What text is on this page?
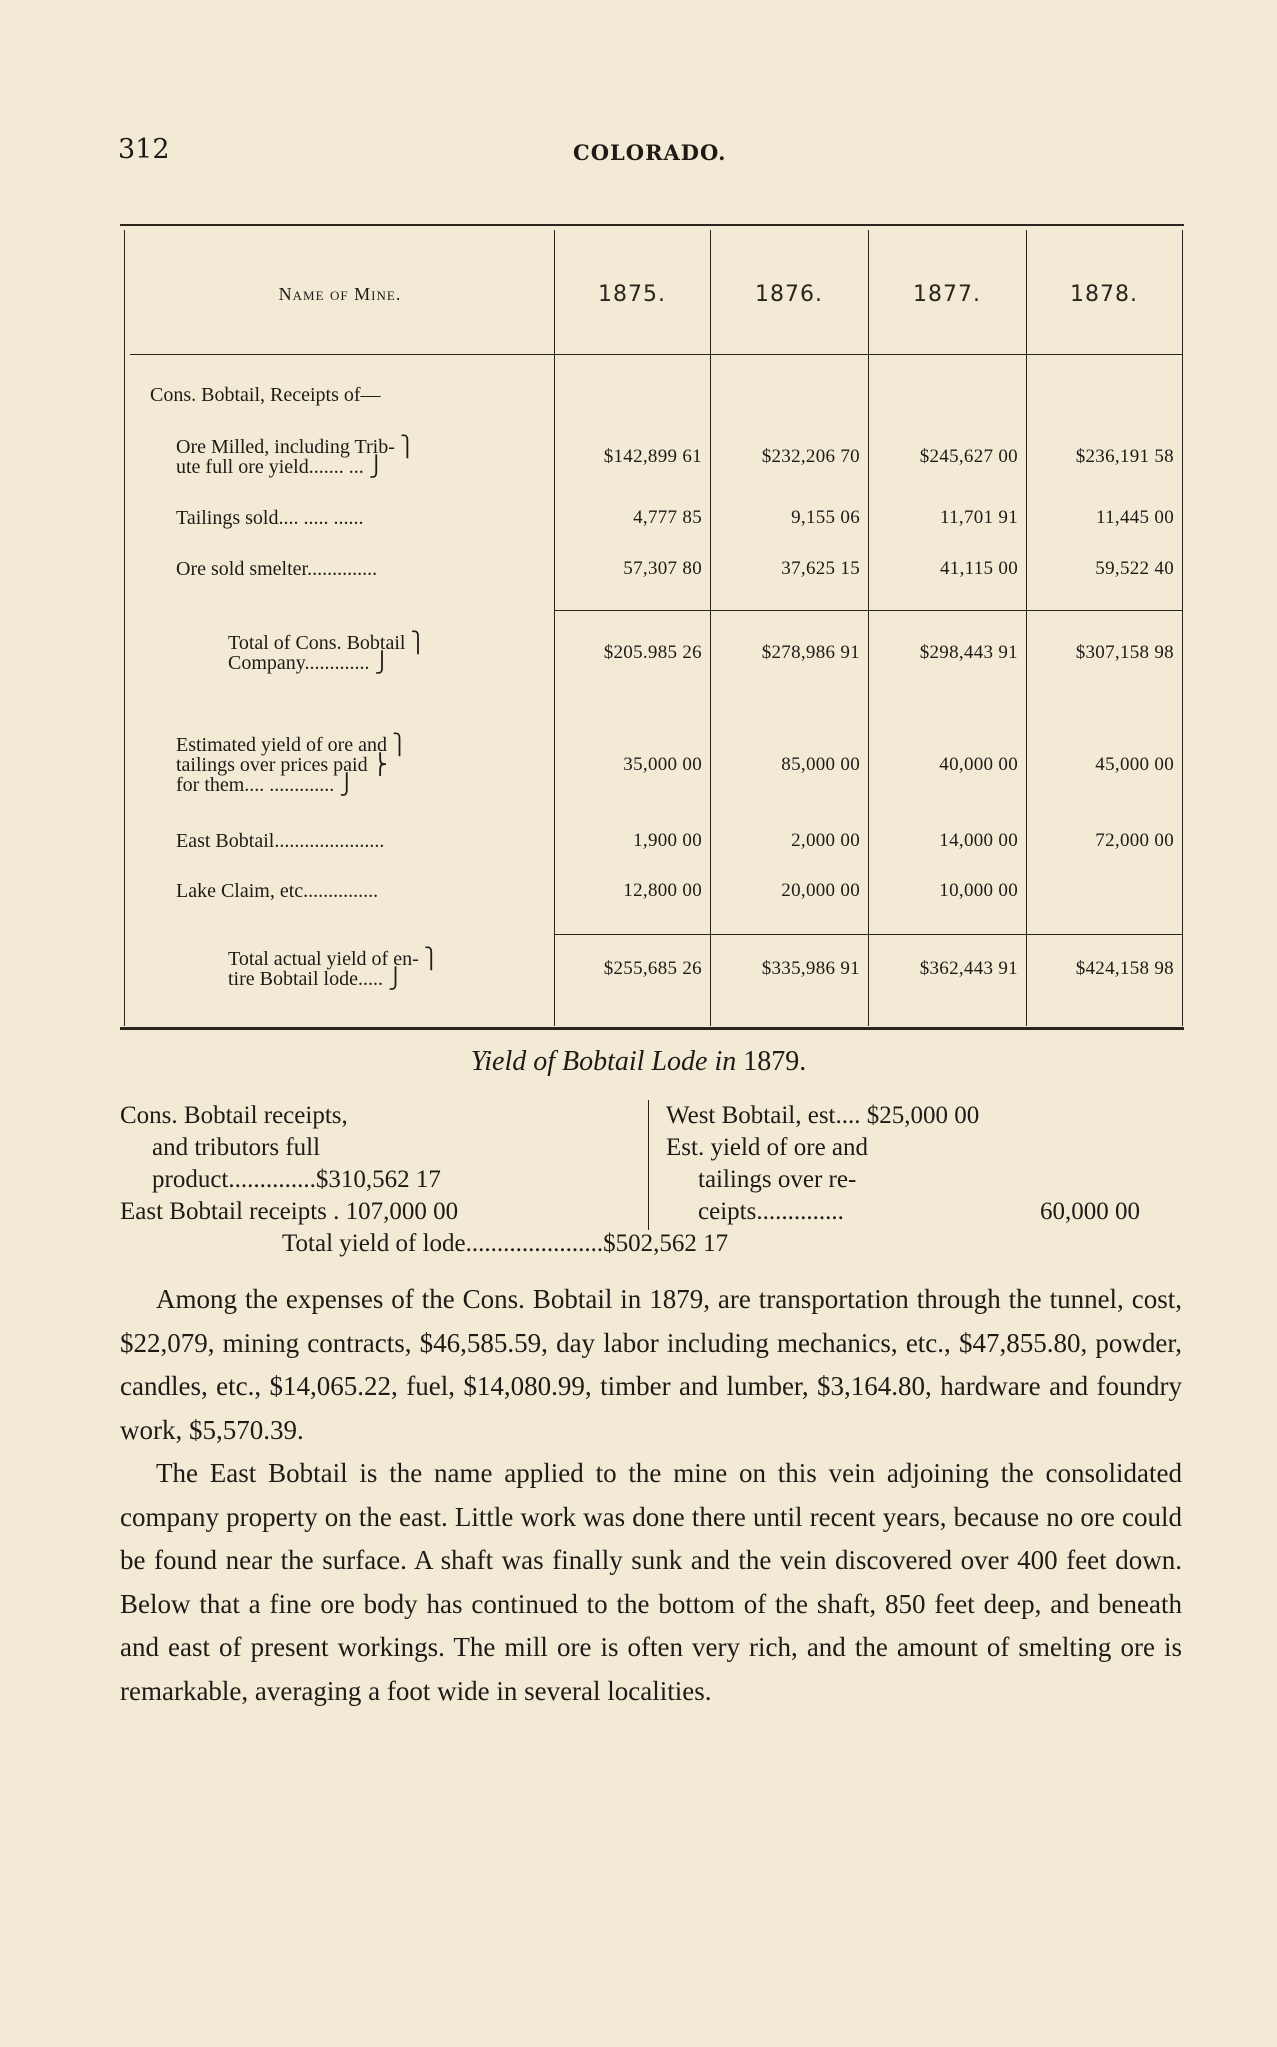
312	COLORADO.
Name of Mine.	1875.	1876.	1877.	1878.
Cons. Bobtail, Receipts of—
Ore Milled, including Trib- ⎫
ute full ore yield....... ... ⎭	$142,899 61	$232,206 70	$245,627 00	$236,191 58
Tailings sold.... ..... ......	4,777 85	9,155 06	11,701 91	11,445 00
Ore sold smelter..............	57,307 80	37,625 15	41,115 00	59,522 40
Total of Cons. Bobtail ⎫
Company............. ⎭	$205.985 26	$278,986 91	$298,443 91	$307,158 98
Estimated yield of ore and ⎫
tailings over prices paid ⎬
for them.... ............. ⎭
35,000 00	85,000 00	40,000 00	45,000 00
East Bobtail......................	1,900 00	2,000 00	14,000 00	72,000 00
Lake Claim, etc...............	12,800 00	20,000 00	10,000 00
Total actual yield of en- ⎫
tire Bobtail lode..... ⎭	$255,685 26	$335,986 91	$362,443 91	$424,158 98
Yield of Bobtail Lode in 1879.
Cons. Bobtail receipts,
and tributors full
product..............$310,562 17
East Bobtail receipts . 107,000 00
West Bobtail, est.... $25,000 00
Est. yield of ore and
tailings over re-
ceipts..............	60,000 00
Total yield of lode......................$502,562 17

Among the expenses of the Cons. Bobtail in 1879, are transportation through the tunnel, cost, $22,079, mining contracts, $46,585.59, day labor including mechanics, etc., $47,855.80, powder, candles, etc., $14,065.22, fuel, $14,080.99, timber and lumber, $3,164.80, hardware and foundry work, $5,570.39.

The East Bobtail is the name applied to the mine on this vein adjoining the consolidated company property on the east. Little work was done there until recent years, because no ore could be found near the surface. A shaft was finally sunk and the vein discovered over 400 feet down. Below that a fine ore body has continued to the bottom of the shaft, 850 feet deep, and beneath and east of present workings. The mill ore is often very rich, and the amount of smelting ore is remarkable, averaging a foot wide in several localities.
